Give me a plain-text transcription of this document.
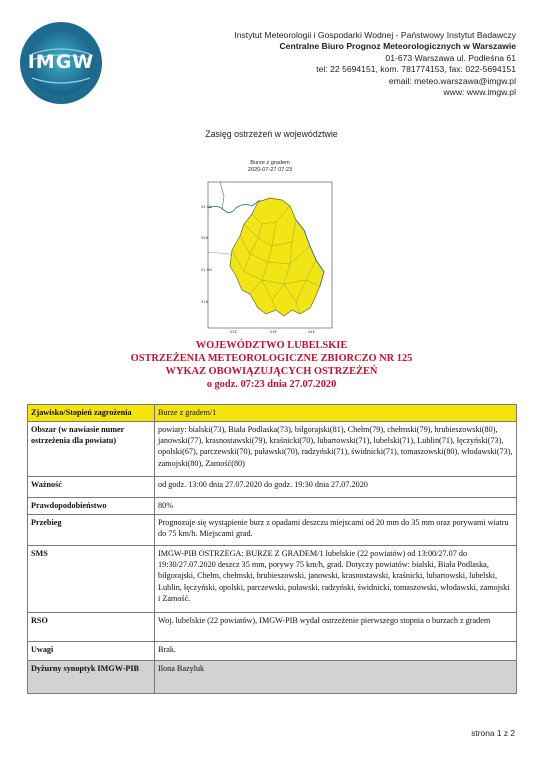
IMGW
Instytut Meteorologii i Gospodarki Wodnej - Państwowy Instytut Badawczy
Centralne Biuro Prognoz Meteorologicznych w Warszawie
01-673 Warszawa ul. Podleśna 61
tel: 22 5694151, kom. 781774153, fax: 022-5694151
email: meteo.warszawa@imgw.pl
www: www.imgw.pl
Zasięg ostrzeżeń w województwie
Burze z gradem
2020-07-27 07:23
52.5N
52N
51.5N
51N
22E	23E	24E
WOJEWÓDZTWO LUBELSKIE
OSTRZEŻENIA METEOROLOGICZNE ZBIORCZO NR 125
WYKAZ OBOWIĄZUJĄCYCH OSTRZEŻEŃ
o godz. 07:23 dnia 27.07.2020
Zjawisko/Stopień zagrożenia	Burze z gradem/1
Obszar (w nawiasie numer ostrzeżenia dla powiatu)	powiaty: bialski(73), Biała Podlaska(73), biłgorajski(81), Chełm(79), chełmski(79), hrubieszowski(80), janowski(77), krasnostawski(79), kraśnicki(70), lubartowski(71), lubelski(71), Lublin(71), łęczyński(73), opolski(67), parczewski(70), puławski(70), radzyński(71), świdnicki(71), tomaszowski(80), włodawski(73), zamojski(80), Zamość(80)
Ważność	od godz. 13:00 dnia 27.07.2020 do godz. 19:30 dnia 27.07.2020
Prawdopodobieństwo	80%
Przebieg	Prognozuje się wystąpienie burz z opadami deszczu miejscami od 20 mm do 35 mm oraz porywami wiatru do 75 km/h. Miejscami grad.
SMS	IMGW-PIB OSTRZEGA: BURZE Z GRADEM/1 lubelskie (22 powiatów) od 13:00/27.07 do 19:30/27.07.2020 deszcz 35 mm, porywy 75 km/h, grad. Dotyczy powiatów: bialski, Biała Podlaska, biłgorajski, Chełm, chełmski, hrubieszowski, janowski, krasnostawski, kraśnicki, lubartowski, lubelski, Lublin, łęczyński, opolski, parczewski, puławski, radzyński, świdnicki, tomaszowski, włodawski, zamojski i Zamość.
RSO	Woj. lubelskie (22 powiatów), IMGW-PIB wydał ostrzeżenie pierwszego stopnia o burzach z gradem
Uwagi	Brak.
Dyżurny synoptyk IMGW-PIB	Ilona Bazyluk
strona 1 z 2
